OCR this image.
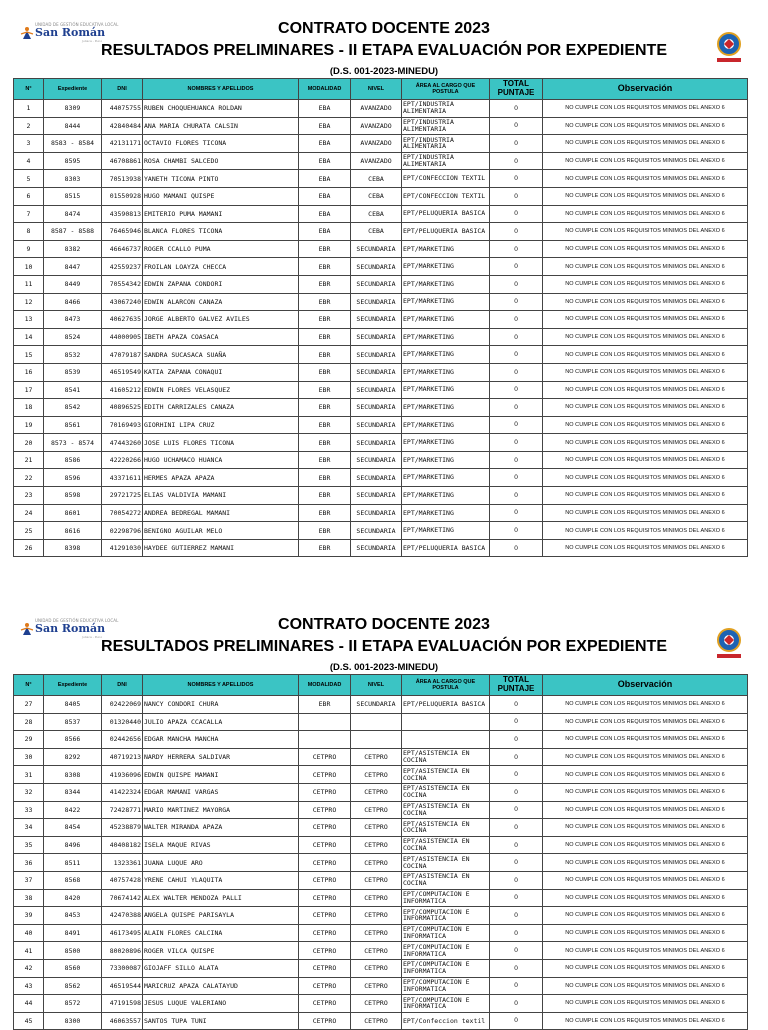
UNIDAD DE GESTIÓN EDUCATIVA LOCAL
San Román
Juliaca - Puno
CONTRATO DOCENTE 2023
RESULTADOS PRELIMINARES - II ETAPA EVALUACIÓN POR EXPEDIENTE
(D.S. 001-2023-MINEDU)
N°	Expediente	DNI	NOMBRES Y APELLIDOS	MODALIDAD	NIVEL	ÁREA AL CARGO QUE POSTULA	TOTAL PUNTAJE	Observación
1	8309	44075755	RUBEN CHOQUEHUANCA ROLDAN	EBA	AVANZADO	EPT/INDUSTRIA ALIMENTARIA	0	NO CUMPLE CON LOS REQUISITOS MINIMOS DEL ANEXO 6
2	8444	42840484	ANA MARIA CHURATA CALSIN	EBA	AVANZADO	EPT/INDUSTRIA ALIMENTARIA	0	NO CUMPLE CON LOS REQUISITOS MINIMOS DEL ANEXO 6
3	8583 - 8584	42131171	OCTAVIO FLORES TICONA	EBA	AVANZADO	EPT/INDUSTRIA ALIMENTARIA	0	NO CUMPLE CON LOS REQUISITOS MINIMOS DEL ANEXO 6
4	8595	46708861	ROSA CHAMBI SALCEDO	EBA	AVANZADO	EPT/INDUSTRIA ALIMENTARIA	0	NO CUMPLE CON LOS REQUISITOS MINIMOS DEL ANEXO 6
5	8303	70513938	YANETH TICONA PINTO	EBA	CEBA	EPT/CONFECCION TEXTIL	0	NO CUMPLE CON LOS REQUISITOS MINIMOS DEL ANEXO 6
6	8515	01550928	HUGO MAMANI QUISPE	EBA	CEBA	EPT/CONFECCION TEXTIL	0	NO CUMPLE CON LOS REQUISITOS MINIMOS DEL ANEXO 6
7	8474	43590813	EMITERIO PUMA MAMANI	EBA	CEBA	EPT/PELUQUERIA BASICA	0	NO CUMPLE CON LOS REQUISITOS MINIMOS DEL ANEXO 6
8	8587 - 8588	76465946	BLANCA FLORES TICONA	EBA	CEBA	EPT/PELUQUERIA BASICA	0	NO CUMPLE CON LOS REQUISITOS MINIMOS DEL ANEXO 6
9	8382	46646737	ROGER CCALLO PUMA	EBR	SECUNDARIA	EPT/MARKETING	0	NO CUMPLE CON LOS REQUISITOS MINIMOS DEL ANEXO 6
10	8447	42559237	FROILAN LOAYZA CHECCA	EBR	SECUNDARIA	EPT/MARKETING	0	NO CUMPLE CON LOS REQUISITOS MINIMOS DEL ANEXO 6
11	8449	70554342	EDWIN ZAPANA CONDORI	EBR	SECUNDARIA	EPT/MARKETING	0	NO CUMPLE CON LOS REQUISITOS MINIMOS DEL ANEXO 6
12	8466	43067240	EDWIN ALARCON CANAZA	EBR	SECUNDARIA	EPT/MARKETING	0	NO CUMPLE CON LOS REQUISITOS MINIMOS DEL ANEXO 6
13	8473	40627635	JORGE ALBERTO GALVEZ AVILES	EBR	SECUNDARIA	EPT/MARKETING	0	NO CUMPLE CON LOS REQUISITOS MINIMOS DEL ANEXO 6
14	8524	44000905	IBETH APAZA COASACA	EBR	SECUNDARIA	EPT/MARKETING	0	NO CUMPLE CON LOS REQUISITOS MINIMOS DEL ANEXO 6
15	8532	47079187	SANDRA SUCASACA SUAÑA	EBR	SECUNDARIA	EPT/MARKETING	0	NO CUMPLE CON LOS REQUISITOS MINIMOS DEL ANEXO 6
16	8539	46519549	KATIA ZAPANA CONAQUI	EBR	SECUNDARIA	EPT/MARKETING	0	NO CUMPLE CON LOS REQUISITOS MINIMOS DEL ANEXO 6
17	8541	41605212	EDWIN FLORES VELASQUEZ	EBR	SECUNDARIA	EPT/MARKETING	0	NO CUMPLE CON LOS REQUISITOS MINIMOS DEL ANEXO 6
18	8542	40896525	EDITH CARRIZALES CANAZA	EBR	SECUNDARIA	EPT/MARKETING	0	NO CUMPLE CON LOS REQUISITOS MINIMOS DEL ANEXO 6
19	8561	70169493	GIORHINI LIPA CRUZ	EBR	SECUNDARIA	EPT/MARKETING	0	NO CUMPLE CON LOS REQUISITOS MINIMOS DEL ANEXO 6
20	8573 - 8574	47443260	JOSE LUIS FLORES TICONA	EBR	SECUNDARIA	EPT/MARKETING	0	NO CUMPLE CON LOS REQUISITOS MINIMOS DEL ANEXO 6
21	8586	42220266	HUGO UCHAMACO HUANCA	EBR	SECUNDARIA	EPT/MARKETING	0	NO CUMPLE CON LOS REQUISITOS MINIMOS DEL ANEXO 6
22	8596	43371611	HERMES APAZA APAZA	EBR	SECUNDARIA	EPT/MARKETING	0	NO CUMPLE CON LOS REQUISITOS MINIMOS DEL ANEXO 6
23	8598	29721725	ELIAS VALDIVIA MAMANI	EBR	SECUNDARIA	EPT/MARKETING	0	NO CUMPLE CON LOS REQUISITOS MINIMOS DEL ANEXO 6
24	8601	70054272	ANDREA BEDREGAL MAMANI	EBR	SECUNDARIA	EPT/MARKETING	0	NO CUMPLE CON LOS REQUISITOS MINIMOS DEL ANEXO 6
25	8616	02298796	BENIGNO AGUILAR MELO	EBR	SECUNDARIA	EPT/MARKETING	0	NO CUMPLE CON LOS REQUISITOS MINIMOS DEL ANEXO 6
26	8398	41291030	HAYDEE GUTIERREZ MAMANI	EBR	SECUNDARIA	EPT/PELUQUERIA BASICA	0	NO CUMPLE CON LOS REQUISITOS MINIMOS DEL ANEXO 6
UNIDAD DE GESTIÓN EDUCATIVA LOCAL
San Román
Juliaca - Puno
CONTRATO DOCENTE 2023
RESULTADOS PRELIMINARES - II ETAPA EVALUACIÓN POR EXPEDIENTE
(D.S. 001-2023-MINEDU)
N°	Expediente	DNI	NOMBRES Y APELLIDOS	MODALIDAD	NIVEL	ÁREA AL CARGO QUE POSTULA	TOTAL PUNTAJE	Observación
27	8405	02422069	NANCY CONDORI CHURA	EBR	SECUNDARIA	EPT/PELUQUERIA BASICA	0	NO CUMPLE CON LOS REQUISITOS MINIMOS DEL ANEXO 6
28	8537	01320440	JULIO APAZA CCACALLA				0	NO CUMPLE CON LOS REQUISITOS MINIMOS DEL ANEXO 6
29	8566	02442656	EDGAR MANCHA MANCHA				0	NO CUMPLE CON LOS REQUISITOS MINIMOS DEL ANEXO 6
30	8292	40719213	NARDY HERRERA SALDIVAR	CETPRO	CETPRO	EPT/ASISTENCIA EN COCINA	0	NO CUMPLE CON LOS REQUISITOS MINIMOS DEL ANEXO 6
31	8308	41936096	EDWIN QUISPE MAMANI	CETPRO	CETPRO	EPT/ASISTENCIA EN COCINA	0	NO CUMPLE CON LOS REQUISITOS MINIMOS DEL ANEXO 6
32	8344	41422324	EDGAR MAMANI VARGAS	CETPRO	CETPRO	EPT/ASISTENCIA EN COCINA	0	NO CUMPLE CON LOS REQUISITOS MINIMOS DEL ANEXO 6
33	8422	72428771	MARIO MARTINEZ MAYORGA	CETPRO	CETPRO	EPT/ASISTENCIA EN COCINA	0	NO CUMPLE CON LOS REQUISITOS MINIMOS DEL ANEXO 6
34	8454	45238879	WALTER MIRANDA APAZA	CETPRO	CETPRO	EPT/ASISTENCIA EN COCINA	0	NO CUMPLE CON LOS REQUISITOS MINIMOS DEL ANEXO 6
35	8496	40408182	ISELA MAQUE RIVAS	CETPRO	CETPRO	EPT/ASISTENCIA EN COCINA	0	NO CUMPLE CON LOS REQUISITOS MINIMOS DEL ANEXO 6
36	8511	1323361	JUANA LUQUE ARO	CETPRO	CETPRO	EPT/ASISTENCIA EN COCINA	0	NO CUMPLE CON LOS REQUISITOS MINIMOS DEL ANEXO 6
37	8568	40757428	YRENE CAHUI YLAQUITA	CETPRO	CETPRO	EPT/ASISTENCIA EN COCINA	0	NO CUMPLE CON LOS REQUISITOS MINIMOS DEL ANEXO 6
38	8420	70674142	ALEX WALTER MENDOZA PALLI	CETPRO	CETPRO	EPT/COMPUTACION E INFORMATICA	0	NO CUMPLE CON LOS REQUISITOS MINIMOS DEL ANEXO 6
39	8453	42470388	ANGELA QUISPE PARISAYLA	CETPRO	CETPRO	EPT/COMPUTACION E INFORMATICA	0	NO CUMPLE CON LOS REQUISITOS MINIMOS DEL ANEXO 6
40	8491	46173495	ALAIN FLORES CALCINA	CETPRO	CETPRO	EPT/COMPUTACION E INFORMATICA	0	NO CUMPLE CON LOS REQUISITOS MINIMOS DEL ANEXO 6
41	8500	80020896	ROGER VILCA QUISPE	CETPRO	CETPRO	EPT/COMPUTACION E INFORMATICA	0	NO CUMPLE CON LOS REQUISITOS MINIMOS DEL ANEXO 6
42	8560	73300087	GIOJAFF SILLO ALATA	CETPRO	CETPRO	EPT/COMPUTACION E INFORMATICA	0	NO CUMPLE CON LOS REQUISITOS MINIMOS DEL ANEXO 6
43	8562	46519544	MARICRUZ APAZA CALATAYUD	CETPRO	CETPRO	EPT/COMPUTACION E INFORMATICA	0	NO CUMPLE CON LOS REQUISITOS MINIMOS DEL ANEXO 6
44	8572	47191598	JESUS LUQUE VALERIANO	CETPRO	CETPRO	EPT/COMPUTACION E INFORMATICA	0	NO CUMPLE CON LOS REQUISITOS MINIMOS DEL ANEXO 6
45	8300	46063557	SANTOS TUPA TUNI	CETPRO	CETPRO	EPT/Confeccion textil	0	NO CUMPLE CON LOS REQUISITOS MINIMOS DEL ANEXO 6
